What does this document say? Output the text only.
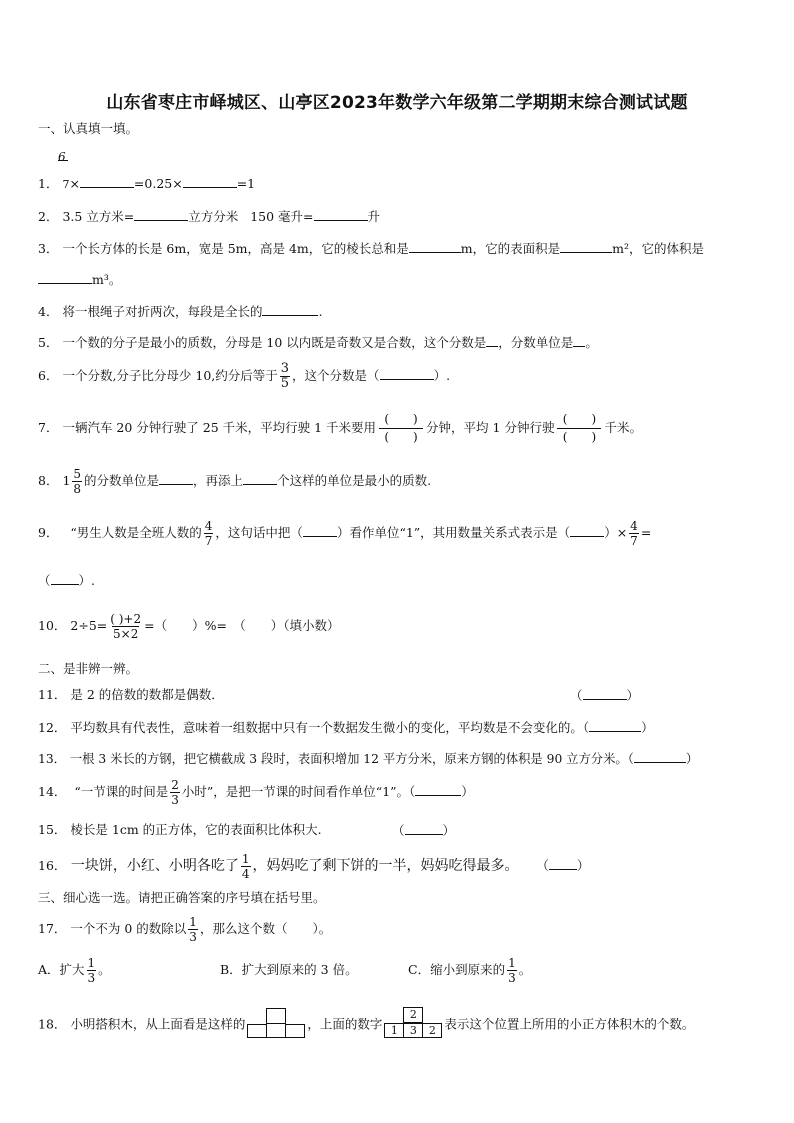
山东省枣庄市峄城区、山亭区2023年数学六年级第二学期期末综合测试试题
一、认真填一填。
6
1． 7×	=0.25×	=1
2． 3.5 立方米=	立方分米 150 毫升=	升
3． 一个长方体的长是 6m，宽是 5m，高是 4m，它的棱长总和是	m，它的表面积是	m²，它的体积是
m³。
4． 将一根绳子对折两次，每段是全长的	.
5． 一个数的分子是最小的质数，分母是 10 以内既是奇数又是合数，这个分数是 ，分数单位是 。
6． 一个分数,分子比分母少 10,约分后等于 $\frac{3}{5}$ ，这个分数是（	）.
7． 一辆汽车 20 分钟行驶了 25 千米，平均行驶 1 千米要用 $\frac{( )}{( )}$ 分钟，平均 1 分钟行驶 $\frac{( )}{( )}$ 千米。
8． $1 \frac{5}{8}$ 的分数单位是	，再添上	个这样的单位是最小的质数.
9． “男生人数是全班人数的 $\frac{4}{7}$ ，这句话中把（	）看作单位“1”，其用数量关系式表示是（	）× $\frac{4}{7}$ =
（ ）.
10． $2\div 5= \frac{( )+2}{5\times 2}$ =（　　）%=　（　　）（填小数）
二、是非辨一辨。
11． 是 2 的倍数的数都是偶数．	（	）
12． 平均数具有代表性，意味着一组数据中只有一个数据发生微小的变化，平均数是不会变化的。（	）
13． 一根 3 米长的方钢，把它横截成 3 段时，表面积增加 12 平方分米，原来方钢的体积是 90 立方分米。（	）
14． “一节课的时间是 $\frac{2}{3}$ 小时”，是把一节课的时间看作单位“1”。（	）
15． 棱长是 1cm 的正方体，它的表面积比体积大.	（	）
16． 一块饼，小红、小明各吃了 $\frac{1}{4}$ ，妈妈吃了剩下饼的一半，妈妈吃得最多。 （ ）
三、细心选一选。请把正确答案的序号填在括号里。
17． 一个不为 0 的数除以 $\frac{1}{3}$ ，那么这个数（　　）。
A．扩大 $\frac{1}{3}$ 。	B．扩大到原来的 3 倍。	C．缩小到原来的 $\frac{1}{3}$ 。
18． 小明搭积木，从上面看是这样的	，上面的数字
2
1	3	2 表示这个位置上所用的小正方体积木的个数。
